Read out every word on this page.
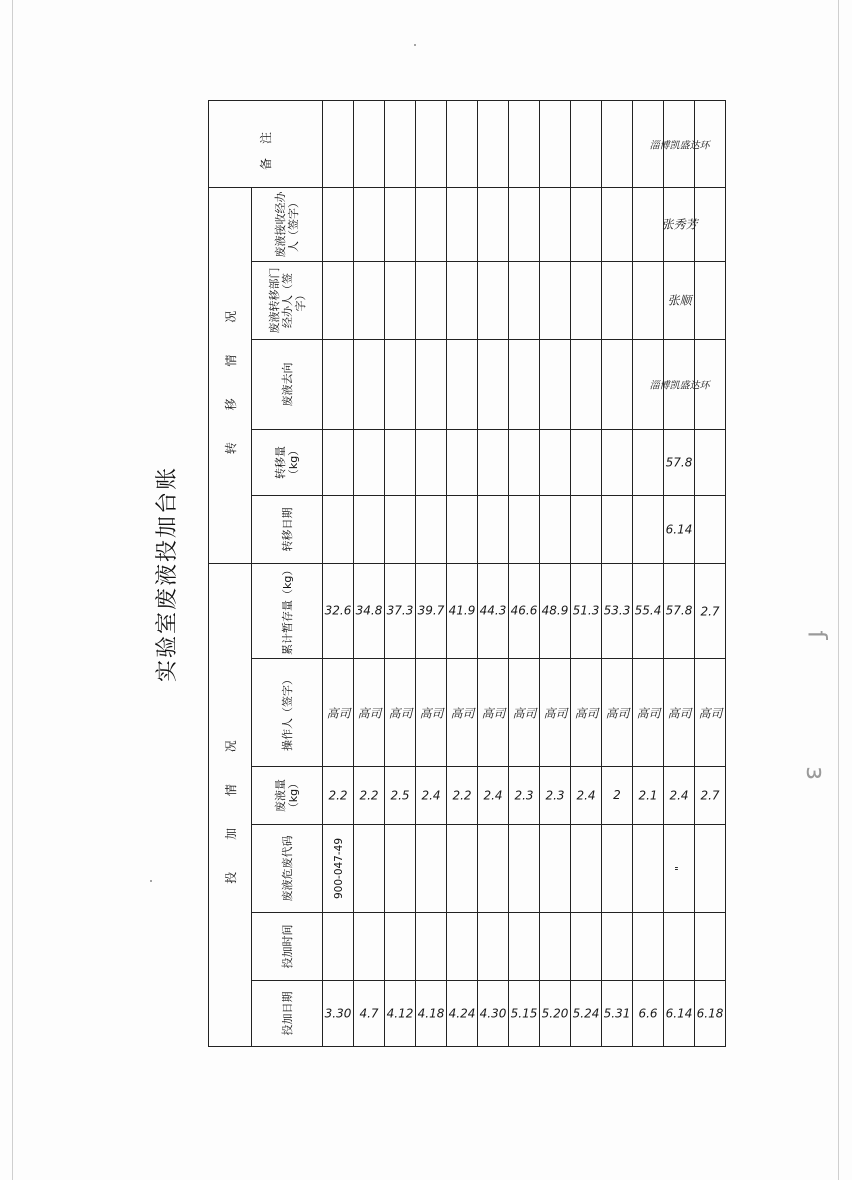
ſ
ɜ
实验室废液投加台账
投 加 情 况						转 移 情 况					备注
投加日期	投加时间	废液危废代码	废液量（kg）	操作人（签字）	累计暂存量（kg）	转移日期	转移量（kg）	废液去向	废液转移部门经办人（签字）	废液接收经办人（签字）	
3.30		900-047-49	2.2	高司	32.6						
4.7			2.2	高司	34.8						
4.12			2.5	高司	37.3						
4.18			2.4	高司	39.7						
4.24			2.2	高司	41.9						
4.30			2.4	高司	44.3						
5.15			2.3	高司	46.6						
5.20			2.3	高司	48.9						
5.24			2.4	高司	51.3						
5.31			2	高司	53.3						
6.6			2.1	高司	55.4						
6.14		"	2.4	高司	57.8	6.14	57.8	淄博凯盛达环	张顺	张秀芳	淄博凯盛达环
6.18			2.7	高司	2.7						
